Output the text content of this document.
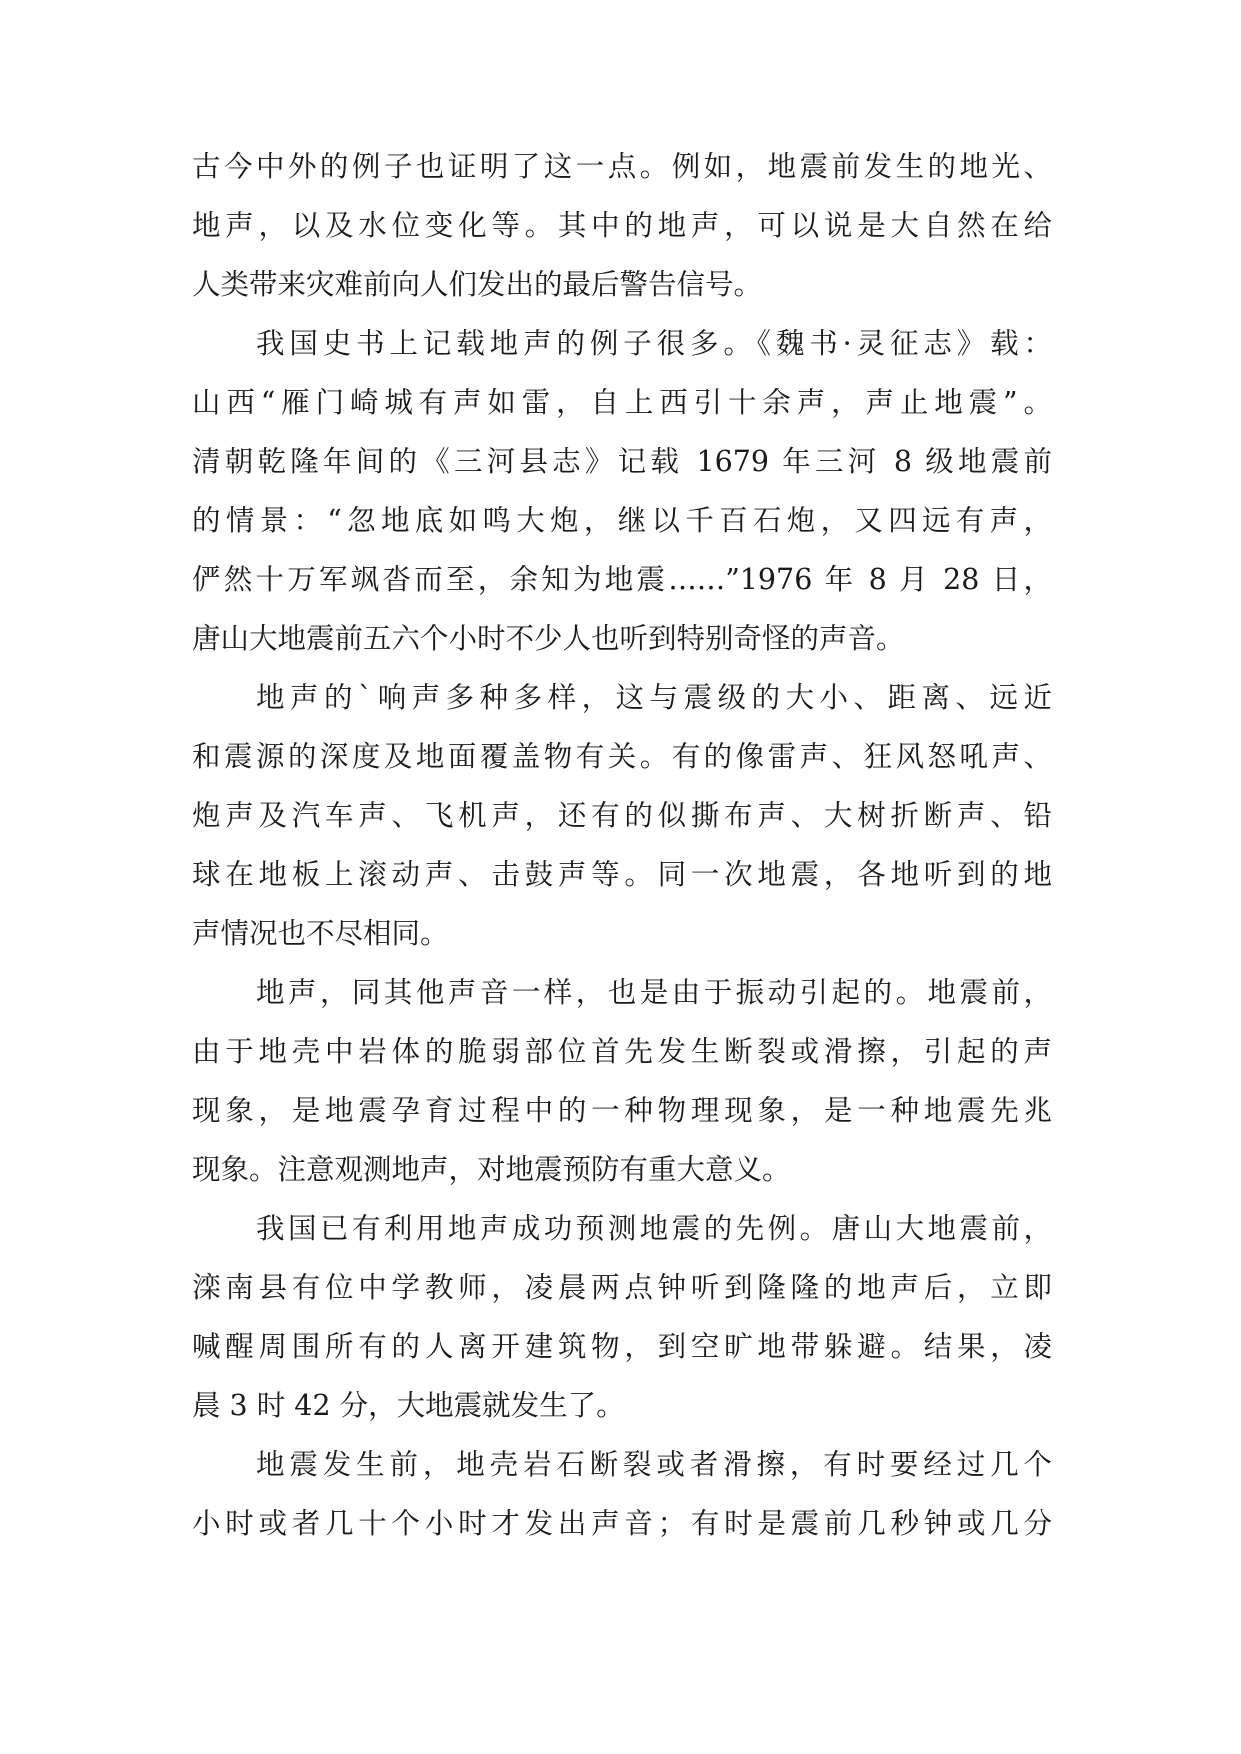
古今中外的例子也证明了这一点。例如，地震前发生的地光、
地声，以及水位变化等。其中的地声，可以说是大自然在给
人类带来灾难前向人们发出的最后警告信号。
我国史书上记载地声的例子很多。《魏书·灵征志》载：
山西“雁门崎城有声如雷，自上西引十余声，声止地震”。
清朝乾隆年间的《三河县志》记载 1679 年三河 8 级地震前
的情景：“忽地底如鸣大炮，继以千百石炮，又四远有声，
俨然十万军飒沓而至，余知为地震……”1976 年 8 月 28 日，
唐山大地震前五六个小时不少人也听到特别奇怪的声音。
地声的`响声多种多样，这与震级的大小、距离、远近
和震源的深度及地面覆盖物有关。有的像雷声、狂风怒吼声、
炮声及汽车声、飞机声，还有的似撕布声、大树折断声、铅
球在地板上滚动声、击鼓声等。同一次地震，各地听到的地
声情况也不尽相同。
地声，同其他声音一样，也是由于振动引起的。地震前，
由于地壳中岩体的脆弱部位首先发生断裂或滑擦，引起的声
现象，是地震孕育过程中的一种物理现象，是一种地震先兆
现象。注意观测地声，对地震预防有重大意义。
我国已有利用地声成功预测地震的先例。唐山大地震前，
滦南县有位中学教师，凌晨两点钟听到隆隆的地声后，立即
喊醒周围所有的人离开建筑物，到空旷地带躲避。结果，凌
晨 3 时 42 分，大地震就发生了。
地震发生前，地壳岩石断裂或者滑擦，有时要经过几个
小时或者几十个小时才发出声音；有时是震前几秒钟或几分
